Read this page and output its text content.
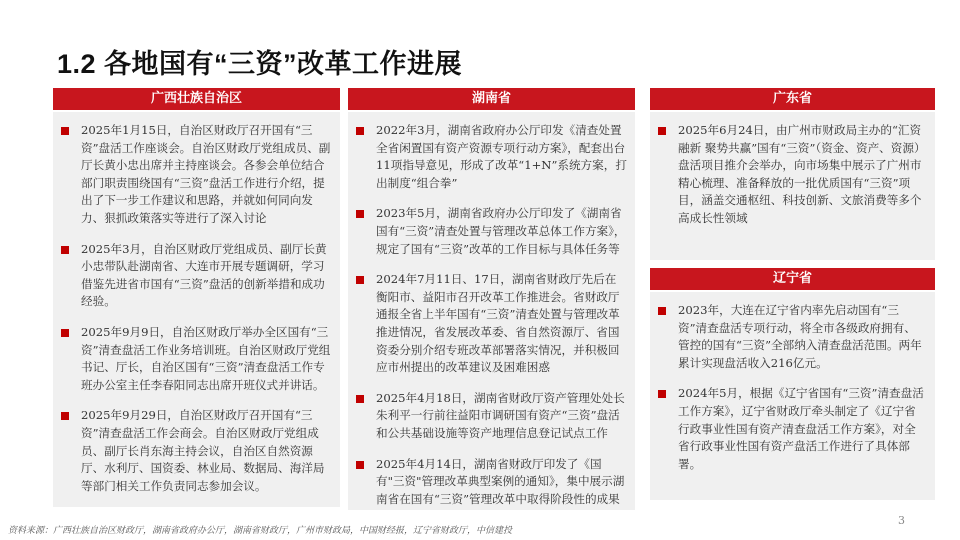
1.2 各地国有“三资”改革工作进展
广西壮族自治区
2025年1月15日，自治区财政厅召开国有“三资”盘活工作座谈会。自治区财政厅党组成员、副厅长黄小忠出席并主持座谈会。各参会单位结合部门职责围绕国有“三资”盘活工作进行介绍，提出了下一步工作建议和思路，并就如何同向发力、狠抓政策落实等进行了深入讨论
2025年3月，自治区财政厅党组成员、副厅长黄小忠带队赴湖南省、大连市开展专题调研，学习借鉴先进省市国有“三资”盘活的创新举措和成功经验。
2025年9月9日，自治区财政厅举办全区国有“三资”清查盘活工作业务培训班。自治区财政厅党组书记、厅长，自治区国有“三资”清查盘活工作专班办公室主任李春阳同志出席开班仪式并讲话。
2025年9月29日，自治区财政厅召开国有“三资”清查盘活工作会商会。自治区财政厅党组成员、副厅长肖东海主持会议，自治区自然资源厅、水利厅、国资委、林业局、数据局、海洋局等部门相关工作负责同志参加会议。
湖南省
2022年3月，湖南省政府办公厅印发《清查处置全省闲置国有资产资源专项行动方案》，配套出台11项指导意见，形成了改革“1+N”系统方案，打出制度“组合拳”
2023年5月，湖南省政府办公厅印发了《湖南省国有“三资”清查处置与管理改革总体工作方案》，规定了国有“三资”改革的工作目标与具体任务等
2024年7月11日、17日，湖南省财政厅先后在衡阳市、益阳市召开改革工作推进会。省财政厅通报全省上半年国有“三资”清查处置与管理改革推进情况，省发展改革委、省自然资源厅、省国资委分别介绍专班改革部署落实情况，并积极回应市州提出的改革建议及困难困惑
2025年4月18日，湖南省财政厅资产管理处处长朱利平一行前往益阳市调研国有资产“三资”盘活和公共基础设施等资产地理信息登记试点工作
2025年4月14日，湖南省财政厅印发了《国有"三资"管理改革典型案例的通知》，集中展示湖南省在国有“三资”管理改革中取得阶段性的成果
广东省
2025年6月24日，由广州市财政局主办的“汇资融新 聚势共赢”国有“三资”（资金、资产、资源）盘活项目推介会举办，向市场集中展示了广州市精心梳理、准备释放的一批优质国有“三资”项目，涵盖交通枢纽、科技创新、文旅消费等多个高成长性领域
辽宁省
2023年，大连在辽宁省内率先启动国有“三资”清查盘活专项行动，将全市各级政府拥有、管控的国有“三资”全部纳入清查盘活范围。两年累计实现盘活收入216亿元。
2024年5月，根据《辽宁省国有“三资”清查盘活工作方案》，辽宁省财政厅牵头制定了《辽宁省行政事业性国有资产清查盘活工作方案》，对全省行政事业性国有资产盘活工作进行了具体部署。
资料来源：广西壮族自治区财政厅，湖南省政府办公厅，湖南省财政厅，广州市财政局，中国财经报，辽宁省财政厅，中信建投
3
